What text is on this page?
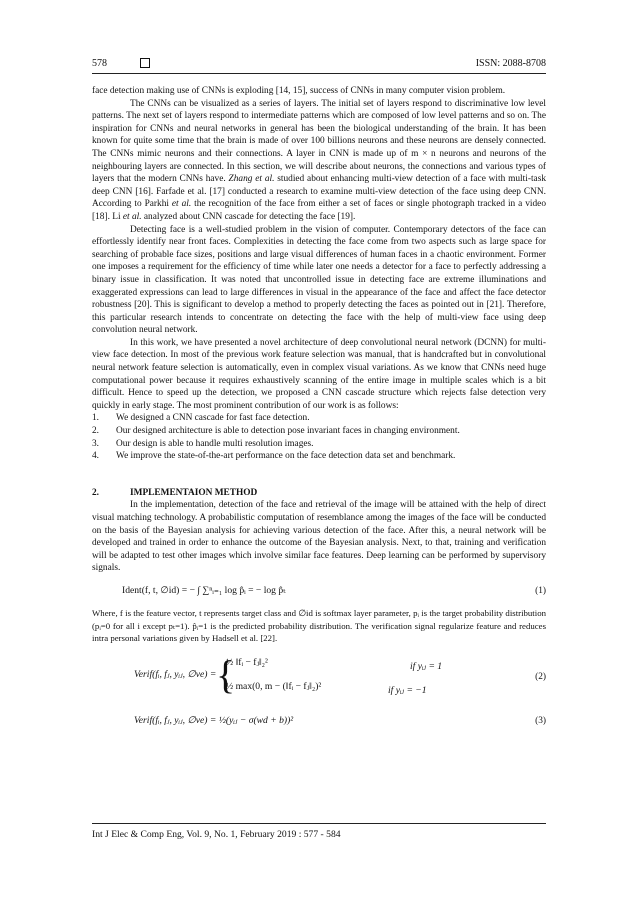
578	ISSN: 2088-8708

face detection making use of CNNs is exploding [14, 15], success of CNNs in many computer vision problem.

The CNNs can be visualized as a series of layers. The initial set of layers respond to discriminative low level patterns. The next set of layers respond to intermediate patterns which are composed of low level patterns and so on. The inspiration for CNNs and neural networks in general has been the biological understanding of the brain. It has been known for quite some time that the brain is made of over 100 billions neurons and these neurons are densely connected. The CNNs mimic neurons and their connections. A layer in CNN is made up of m × n neurons and neurons of the neighbouring layers are connected. In this section, we will describe about neurons, the connections and various types of layers that the modern CNNs have. Zhang et al. studied about enhancing multi-view detection of a face with multi-task deep CNN [16]. Farfade et al. [17] conducted a research to examine multi-view detection of the face using deep CNN. According to Parkhi et al. the recognition of the face from either a set of faces or single photograph tracked in a video [18]. Li et al. analyzed about CNN cascade for detecting the face [19].

Detecting face is a well-studied problem in the vision of computer. Contemporary detectors of the face can effortlessly identify near front faces. Complexities in detecting the face come from two aspects such as large space for searching of probable face sizes, positions and large visual differences of human faces in a chaotic environment. Former one imposes a requirement for the efficiency of time while later one needs a detector for a face to perfectly addressing a binary issue in classification. It was noted that uncontrolled issue in detecting face are extreme illuminations and exaggerated expressions can lead to large differences in visual in the appearance of the face and affect the face detector robustness [20]. This is significant to develop a method to properly detecting the faces as pointed out in [21]. Therefore, this particular research intends to concentrate on detecting the face with the help of multi-view face using deep convolution neural network.

In this work, we have presented a novel architecture of deep convolutional neural network (DCNN) for multi-view face detection. In most of the previous work feature selection was manual, that is handcrafted but in convolutional neural network feature selection is automatically, even in complex visual variations. As we know that CNNs need huge computational power because it requires exhaustively scanning of the entire image in multiple scales which is a bit difficult. Hence to speed up the detection, we proposed a CNN cascade structure which rejects false detection very quickly in early stage. The most prominent contribution of our work is as follows:

1.	We designed a CNN cascade for fast face detection.
2.	Our designed architecture is able to detection pose invariant faces in changing environment.
3.	Our design is able to handle multi resolution images.
4.	We improve the state-of-the-art performance on the face detection data set and benchmark.
2.	IMPLEMENTAION METHOD

In the implementation, detection of the face and retrieval of the image will be attained with the help of direct visual matching technology. A probabilistic computation of resemblance among the images of the face will be conducted on the basis of the Bayesian analysis for achieving various detection of the face. After this, a neural network will be developed and trained in order to enhance the outcome of the Bayesian analysis. Next, to that, training and verification will be adapted to test other images which involve similar face features. Deep learning can be performed by supervisory signals.

Ident(f, t, ∅id) = − ∫ ∑ⁿᵢ₌₁ log p̂ᵢ = − log p̂ₜ	(1)

Where, f is the feature vector, t represents target class and ∅id is softmax layer parameter, pᵢ is the target probability distribution (pᵢ=0 for all i except pₜ=1). p̂ᵢ=1 is the predicted probability distribution. The verification signal regularize feature and reduces intra personal variations given by Hadsell et al. [22].

Verif(fᵢ, fⱼ, yᵢⱼ, ∅ve) = {
½ ‖fᵢ − fⱼ‖₂²	if yᵢⱼ = 1
½ max(0, m − (‖fᵢ − fⱼ‖₂)²	if yᵢⱼ = −1
(2)
Verif(fᵢ, fⱼ, yᵢⱼ, ∅ve) = ½(yᵢⱼ − σ(wd + b))²	(3)
Int J Elec & Comp Eng, Vol. 9, No. 1, February 2019 : 577 - 584
